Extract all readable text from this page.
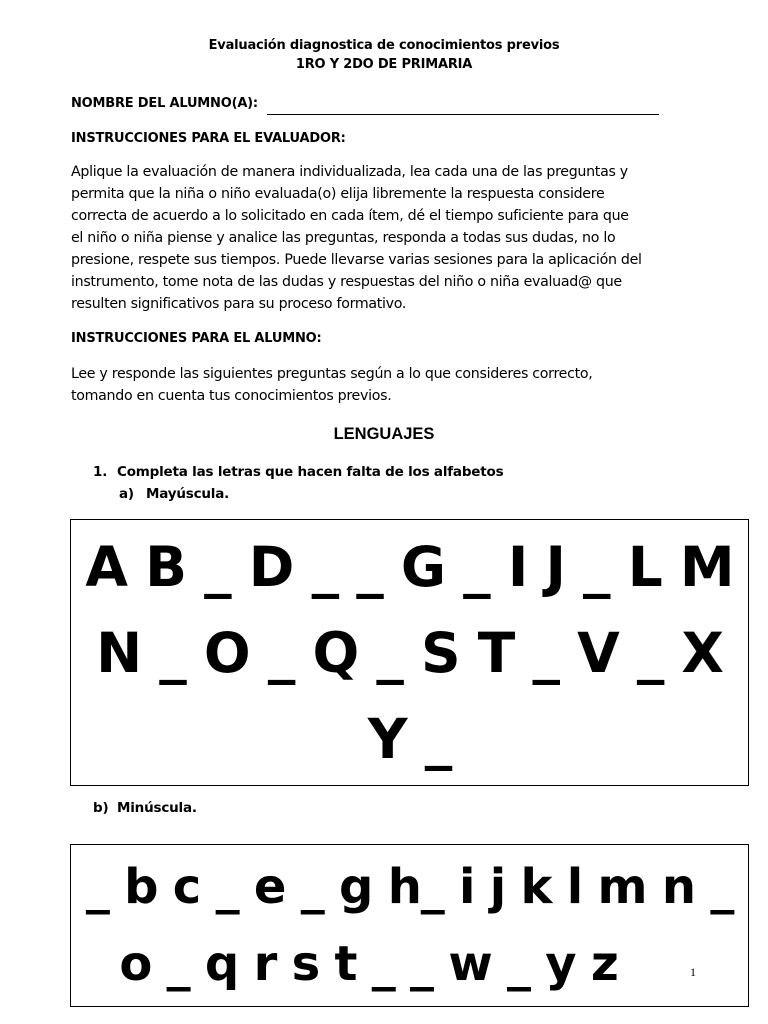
Evaluación diagnostica de conocimientos previos
1RO Y 2DO DE PRIMARIA
NOMBRE DEL ALUMNO(A):
INSTRUCCIONES PARA EL EVALUADOR:
Aplique la evaluación de manera individualizada, lea cada una de las preguntas y
permita que la niña o niño evaluada(o) elija libremente la respuesta considere
correcta de acuerdo a lo solicitado en cada ítem, dé el tiempo suficiente para que
el niño o niña piense y analice las preguntas, responda a todas sus dudas, no lo
presione, respete sus tiempos. Puede llevarse varias sesiones para la aplicación del
instrumento, tome nota de las dudas y respuestas del niño o niña evaluad@ que
resulten significativos para su proceso formativo.
INSTRUCCIONES PARA EL ALUMNO:
Lee y responde las siguientes preguntas según a lo que consideres correcto,
tomando en cuenta tus conocimientos previos.
LENGUAJES
1. Completa las letras que hacen falta de los alfabetos
a) Mayúscula.
A B _ D _ _ G _ I J _ L M
N _ O _ Q _ S T _ V _ X
Y _
b) Minúscula.
_ b c _ e _ g h_ i j k l m n _
o _ q r s t _ _ w _ y z	1
